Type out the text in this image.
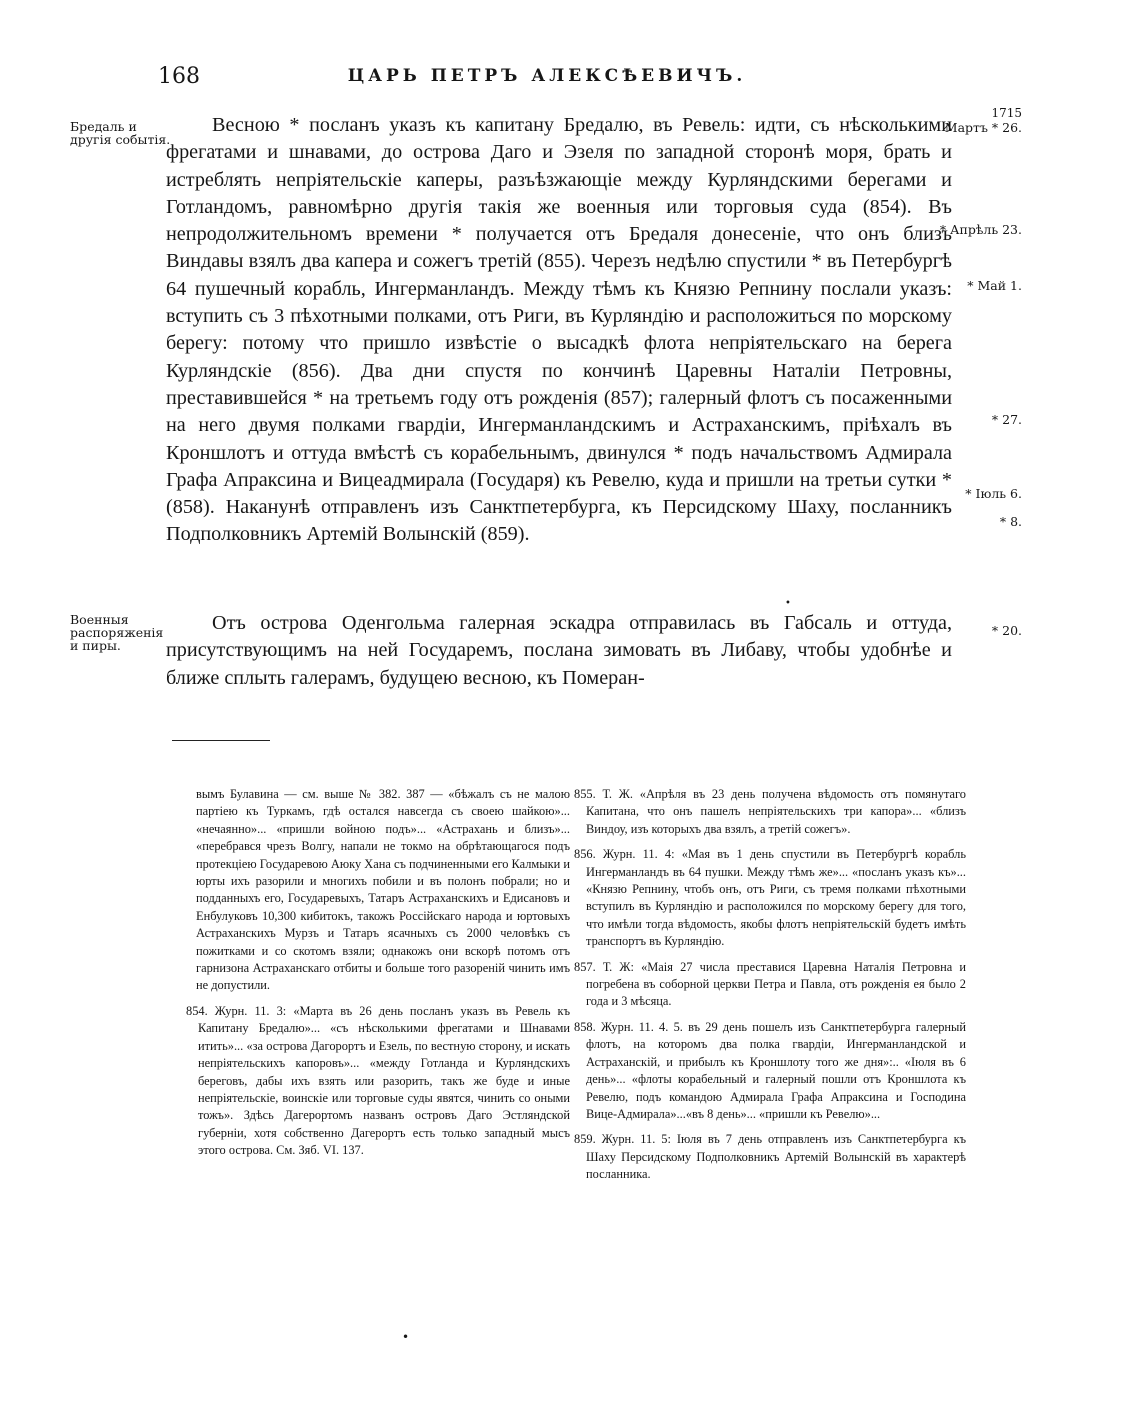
168	ЦАРЬ ПЕТРЪ АЛЕКСѢЕВИЧЪ.
Бредаль и другія событія.
Военныя распоряженія и пиры.
1715
Мартъ * 26.
* Апрѣль 23.
* Май 1.
* 27.
* Іюль 6.
* 8.
* 20.

Весною * посланъ указъ къ капитану Бредалю, въ Ревель: идти, съ нѣсколькими фрегатами и шнавами, до острова Даго и Эзеля по западной сторонѣ моря, брать и истреблять непріятельскіе каперы, разъѣзжающіе между Курляндскими берегами и Готландомъ, равномѣрно другія такія же военныя или торговыя суда (854). Въ непродолжительномъ времени * получается отъ Бредаля донесеніе, что онъ близъ Виндавы взялъ два капера и сожегъ третій (855). Черезъ недѣлю спустили * въ Петербургѣ 64 пушечный корабль, Ингерманландъ. Между тѣмъ къ Князю Репнину послали указъ: вступить съ 3 пѣхотными полками, отъ Риги, въ Курляндію и расположиться по морскому берегу: потому что пришло извѣстіе о высадкѣ флота непріятельскаго на берега Курляндскіе (856). Два дни спустя по кончинѣ Царевны Наталіи Петровны, преставившейся * на третьемъ году отъ рожденія (857); галерный флотъ съ посаженными на него двумя полками гвардіи, Ингерманландскимъ и Астраханскимъ, пріѣхалъ въ Кроншлотъ и оттуда вмѣстѣ съ корабельнымъ, двинулся * подъ начальствомъ Адмирала Графа Апраксина и Вицеадмирала (Государя) къ Ревелю, куда и пришли на третьи сутки * (858). Наканунѣ отправленъ изъ Санктпетербурга, къ Персидскому Шаху, посланникъ Подполковникъ Артемій Волынскій (859).

Отъ острова Оденгольма галерная эскадра отправилась въ Габсаль и оттуда, присутствующимъ на ней Государемъ, послана зимовать въ Либаву, чтобы удобнѣе и ближе сплыть галерамъ, будущею весною, къ Померан-

•

вымъ Булавина — см. выше № 382. 387 — «бѣжалъ съ не малою партіею къ Туркамъ, гдѣ остался навсегда съ своею шайкою»... «нечаянно»... «пришли войною подъ»... «Астрахань и близъ»... «перебрався чрезъ Волгу, напали не токмо на обрѣтающагося подъ протекціею Государевою Аюку Хана съ подчиненными его Калмыки и юрты ихъ разорили и многихъ побили и въ полонъ побрали; но и подданныхъ его, Государевыхъ, Татаръ Астраханскихъ и Едисановъ и Енбулуковъ 10,300 кибитокъ, такожъ Россійскаго народа и юртовыхъ Астраханскихъ Мурзъ и Татаръ ясачныхъ съ 2000 человѣкъ съ пожитками и со скотомъ взяли; однакожъ они вскорѣ потомъ отъ гарнизона Астраханскаго отбиты и больше того разореній чинить имъ не допустили.

854. Журн. 11. 3: «Марта въ 26 день посланъ указъ въ Ревель къ Капитану Бредалю»... «съ нѣсколькими фрегатами и Шнавами итить»... «за острова Дагорортъ и Езель, по вестную сторону, и искать непріятельскихъ капоровъ»... «между Готланда и Курляндскихъ береговъ, дабы ихъ взять или разорить, такъ же буде и иные непріятельскіе, воинскіе или торговые суды явятся, чинить со оными тожъ». Здѣсь Дагерортомъ названъ островъ Даго Эстляндской губерніи, хотя собственно Дагерортъ есть только западный мысъ этого острова. См. Зяб. VI. 137.

855. Т. Ж. «Апрѣля въ 23 день получена вѣдомость отъ помянутаго Капитана, что онъ пашелъ непріятельскихъ три капора»... «близъ Виндоу, изъ которыхъ два взялъ, а третій сожегъ».

856. Журн. 11. 4: «Мая въ 1 день спустили въ Петербургѣ корабль Ингерманландъ въ 64 пушки. Между тѣмъ же»... «посланъ указъ къ»... «Князю Репнину, чтобъ онъ, отъ Риги, съ тремя полками пѣхотными вступилъ въ Курляндію и расположился по морскому берегу для того, что имѣли тогда вѣдомость, якобы флотъ непріятельскій будетъ имѣть транспортъ въ Курляндію.

857. Т. Ж: «Маія 27 числа преставися Царевна Наталія Петровна и погребена въ соборной церкви Петра и Павла, отъ рожденія ея было 2 года и 3 мѣсяца.

858. Журн. 11. 4. 5. въ 29 день пошелъ изъ Санктпетербурга галерный флотъ, на которомъ два полка гвардіи, Ингерманландской и Астраханскій, и прибылъ къ Кроншлоту того же дня»:.. «Іюля въ 6 день»... «флоты корабельный и галерный пошли отъ Кроншлота къ Ревелю, подъ командою Адмирала Графа Апраксина и Господина Вице-Адмирала»...«въ 8 день»... «пришли къ Ревелю»...

859. Журн. 11. 5: Іюля въ 7 день отправленъ изъ Санктпетербурга къ Шаху Персидскому Подполковникъ Артемій Волынскій въ характерѣ посланника.

•
